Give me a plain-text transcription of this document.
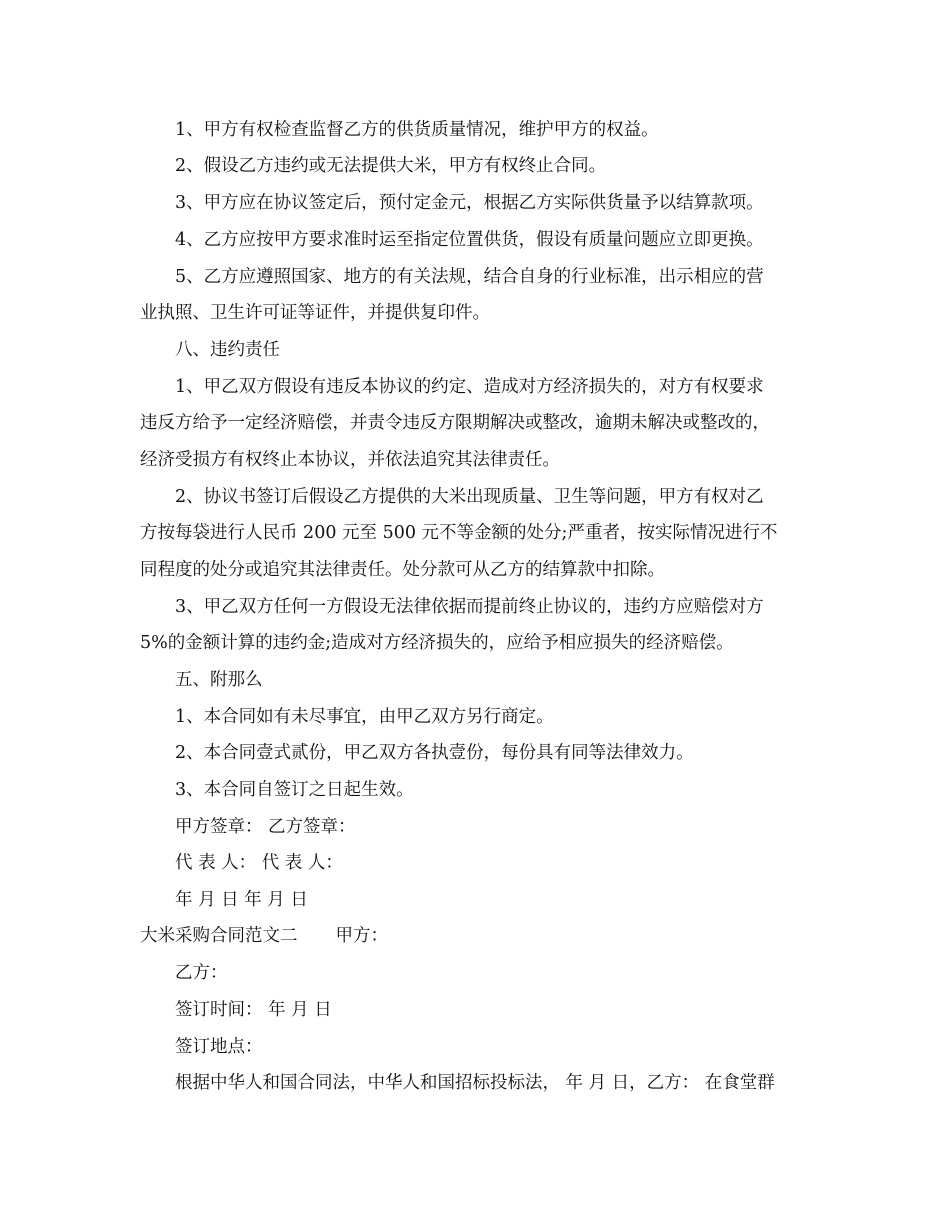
1、甲方有权检查监督乙方的供货质量情况，维护甲方的权益。
2、假设乙方违约或无法提供大米，甲方有权终止合同。
3、甲方应在协议签定后，预付定金元，根据乙方实际供货量予以结算款项。
4、乙方应按甲方要求准时运至指定位置供货，假设有质量问题应立即更换。
5、乙方应遵照国家、地方的有关法规，结合自身的行业标准，出示相应的营
业执照、卫生许可证等证件，并提供复印件。
八、违约责任
1、甲乙双方假设有违反本协议的约定、造成对方经济损失的，对方有权要求
违反方给予一定经济赔偿，并责令违反方限期解决或整改，逾期未解决或整改的，
经济受损方有权终止本协议，并依法追究其法律责任。
2、协议书签订后假设乙方提供的大米出现质量、卫生等问题，甲方有权对乙
方按每袋进行人民币 200 元至 500 元不等金额的处分;严重者，按实际情况进行不
同程度的处分或追究其法律责任。处分款可从乙方的结算款中扣除。
3、甲乙双方任何一方假设无法律依据而提前终止协议的，违约方应赔偿对方
5%的金额计算的违约金;造成对方经济损失的，应给予相应损失的经济赔偿。
五、附那么
1、本合同如有未尽事宜，由甲乙双方另行商定。
2、本合同壹式贰份，甲乙双方各执壹份，每份具有同等法律效力。
3、本合同自签订之日起生效。
甲方签章： 乙方签章：
代 表 人： 代 表 人：
年 月 日 年 月 日
大米采购合同范文二 甲方：
乙方：
签订时间： 年 月 日
签订地点：
根据中华人和国合同法，中华人和国招标投标法， 年 月 日，乙方： 在食堂群
